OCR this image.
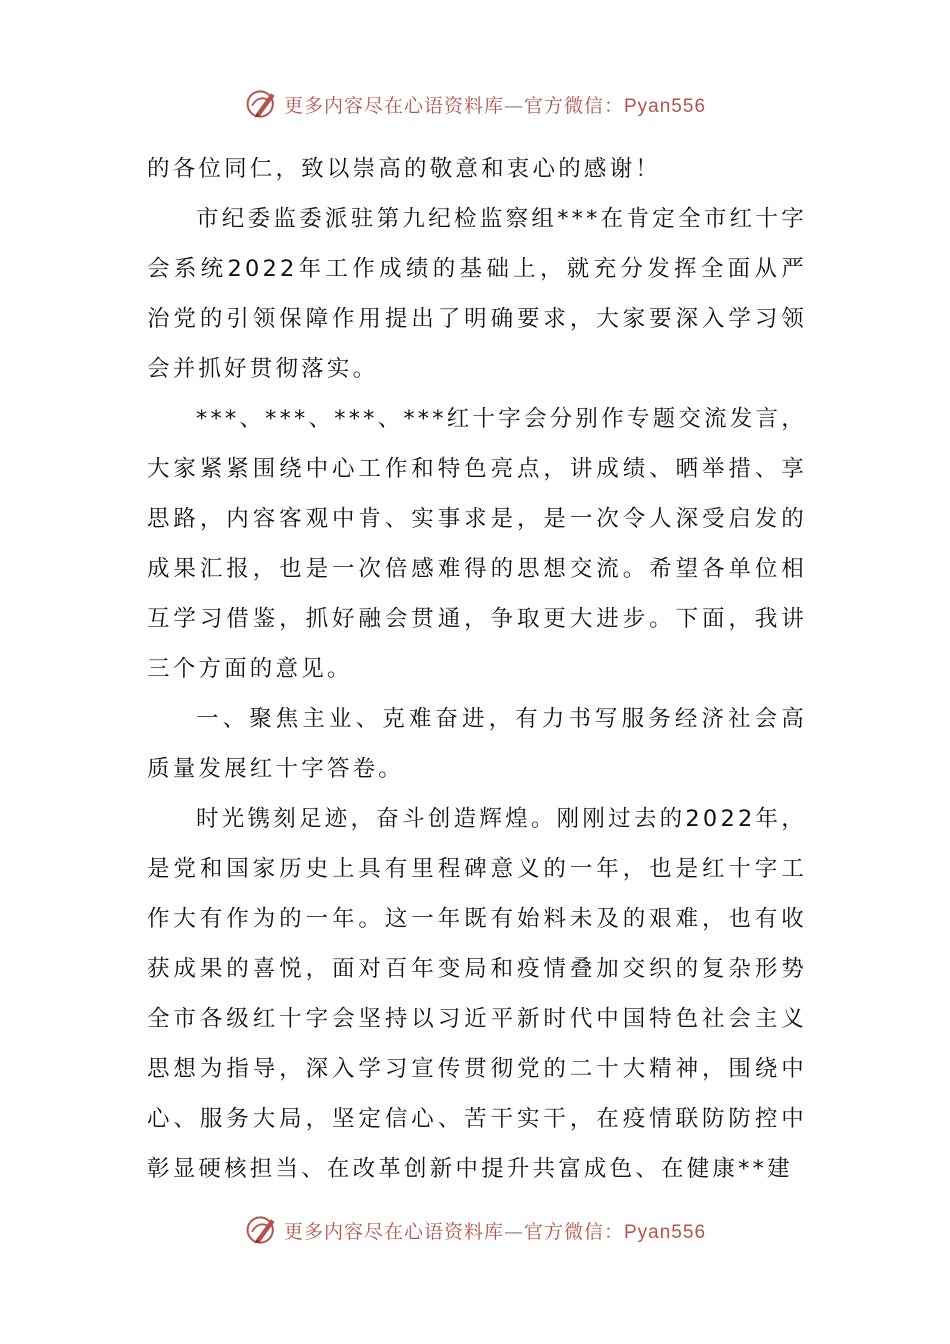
更多内容尽在心语资料库—官方微信：Pyan556

的各位同仁，致以崇高的敬意和衷心的感谢！

市纪委监委派驻第九纪检监察组***在肯定全市红十字会系统2022年工作成绩的基础上，就充分发挥全面从严治党的引领保障作用提出了明确要求，大家要深入学习领会并抓好贯彻落实。

***、***、***、***红十字会分别作专题交流发言，大家紧紧围绕中心工作和特色亮点，讲成绩、晒举措、享思路，内容客观中肯、实事求是，是一次令人深受启发的成果汇报，也是一次倍感难得的思想交流。希望各单位相互学习借鉴，抓好融会贯通，争取更大进步。下面，我讲三个方面的意见。

一、聚焦主业、克难奋进，有力书写服务经济社会高质量发展红十字答卷。

时光镌刻足迹，奋斗创造辉煌。刚刚过去的2022年，是党和国家历史上具有里程碑意义的一年，也是红十字工作大有作为的一年。这一年既有始料未及的艰难，也有收获成果的喜悦，面对百年变局和疫情叠加交织的复杂形势全市各级红十字会坚持以习近平新时代中国特色社会主义思想为指导，深入学习宣传贯彻党的二十大精神，围绕中心、服务大局，坚定信心、苦干实干，在疫情联防防控中彰显硬核担当、在改革创新中提升共富成色、在健康**建

更多内容尽在心语资料库—官方微信：Pyan556
